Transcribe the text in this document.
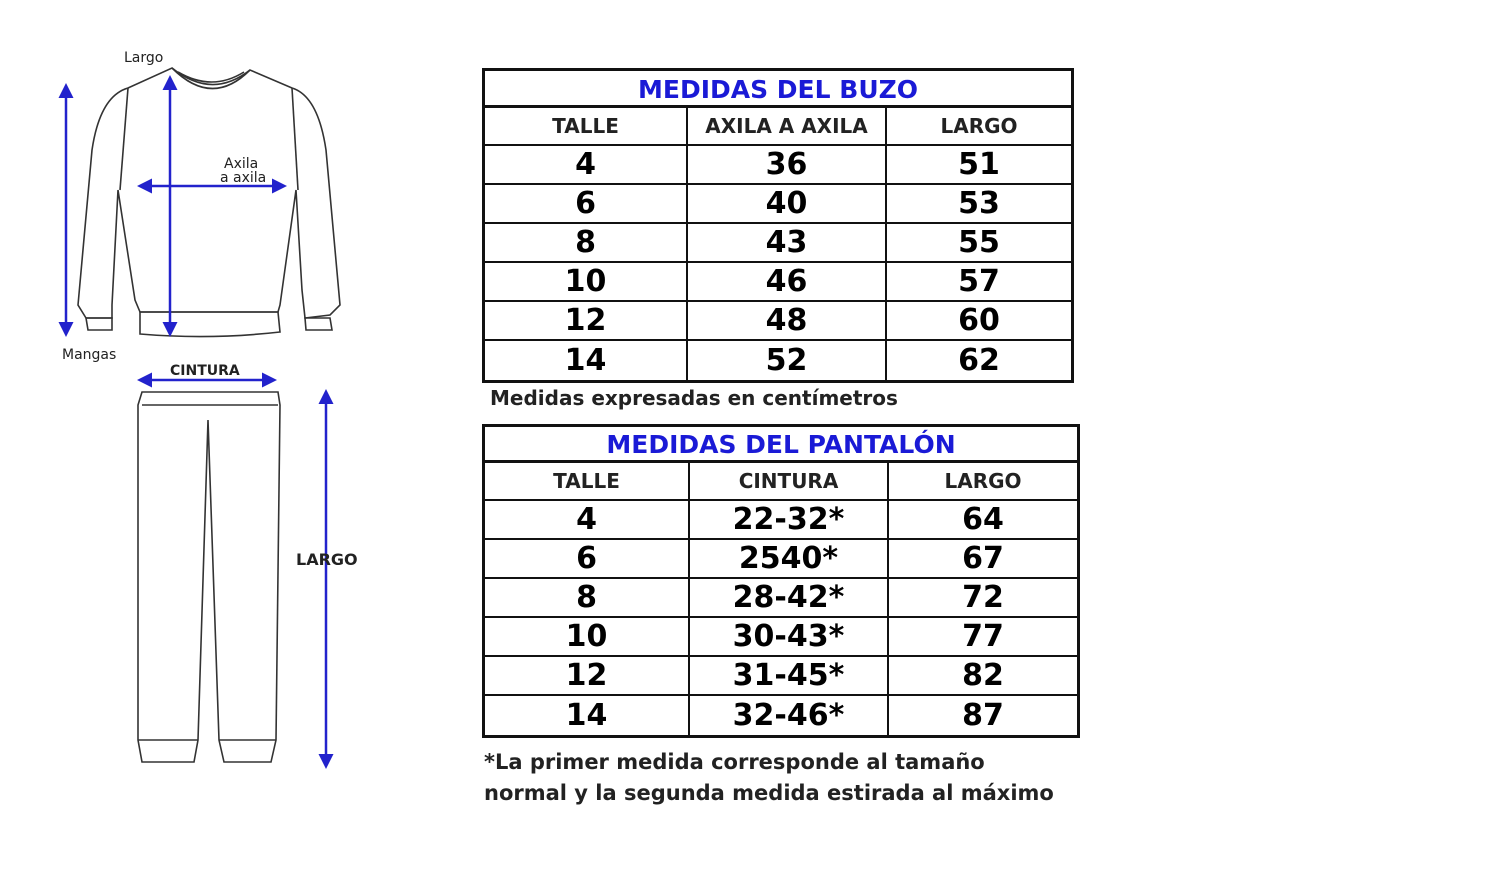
Largo
Axila
a axila
Mangas
CINTURA
LARGO
MEDIDAS DEL BUZO
TALLE	AXILA A AXILA	LARGO
4	36	51
6	40	53
8	43	55
10	46	57
12	48	60
14	52	62
Medidas expresadas en centímetros
MEDIDAS DEL PANTALÓN
TALLE	CINTURA	LARGO
4	22-32*	64
6	2540*	67
8	28-42*	72
10	30-43*	77
12	31-45*	82
14	32-46*	87
*La primer medida corresponde al tamaño
normal y la segunda medida estirada al máximo
